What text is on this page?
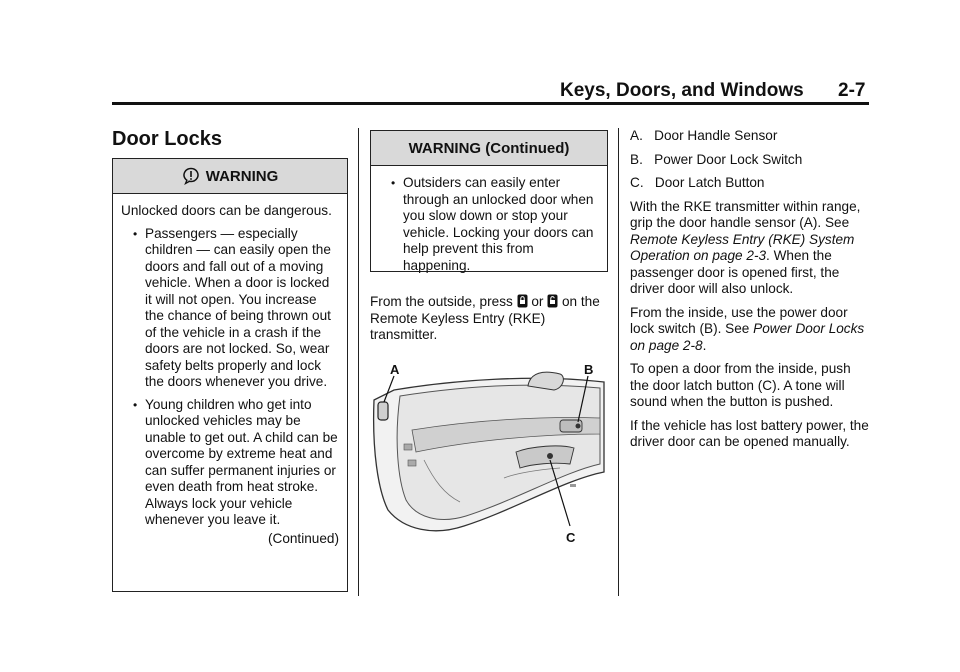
Keys, Doors, and Windows 2-7
Door Locks
WARNING

Unlocked doors can be dangerous.

• Passengers — especially children — can easily open the doors and fall out of a moving vehicle. When a door is locked it will not open. You increase the chance of being thrown out of the vehicle in a crash if the doors are not locked. So, wear safety belts properly and lock the doors whenever you drive.

• Young children who get into unlocked vehicles may be unable to get out. A child can be overcome by extreme heat and can suffer permanent injuries or even death from heat stroke. Always lock your vehicle whenever you leave it.

(Continued)

WARNING (Continued)

• Outsiders can easily enter through an unlocked door when you slow down or stop your vehicle. Locking your doors can help prevent this from happening.

From the outside, press  or  on the Remote Keyless Entry (RKE) transmitter.
A	B
C

A.   Door Handle Sensor

B.   Power Door Lock Switch

C.   Door Latch Button

With the RKE transmitter within range, grip the door handle sensor (A). See Remote Keyless Entry (RKE) System Operation on page 2-3. When the passenger door is opened first, the driver door will also unlock.

From the inside, use the power door lock switch (B). See Power Door Locks on page 2-8.

To open a door from the inside, push the door latch button (C). A tone will sound when the button is pushed.

If the vehicle has lost battery power, the driver door can be opened manually.
